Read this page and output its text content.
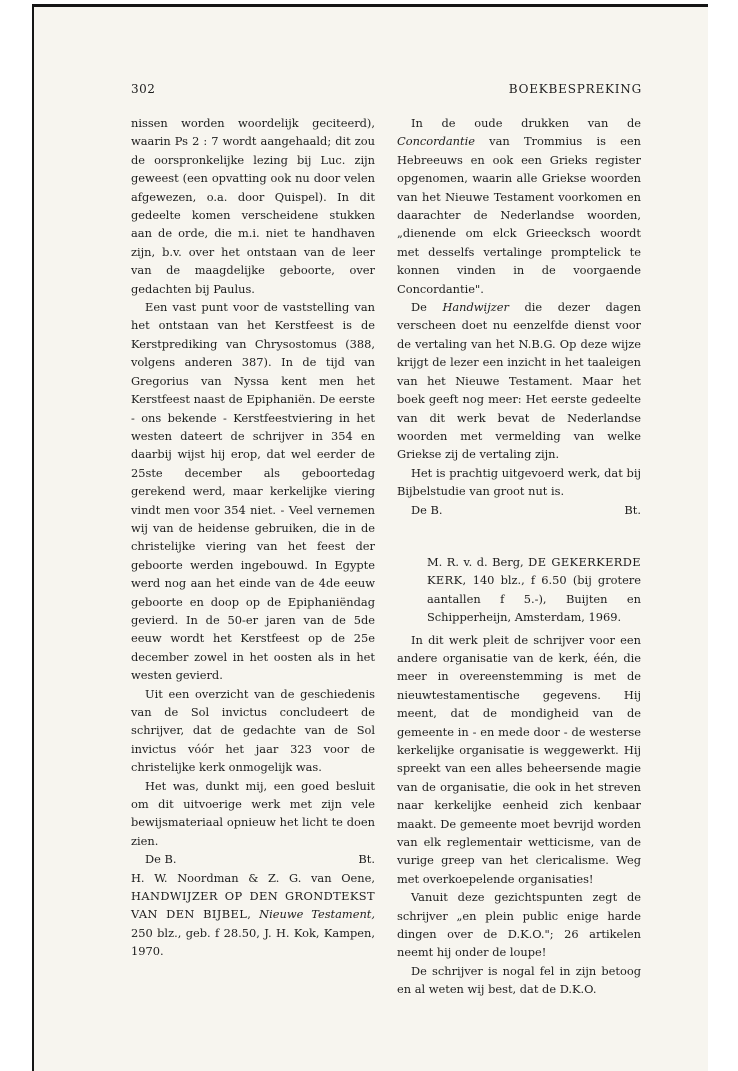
302	BOEKBESPREKING

nissen worden woordelijk geciteerd), waarin Ps 2 : 7 wordt aangehaald; dit zou de oorspronkelijke lezing bij Luc. zijn geweest (een opvatting ook nu door velen afgewezen, o.a. door Quispel). In dit gedeelte komen verscheidene stukken aan de orde, die m.i. niet te handhaven zijn, b.v. over het ontstaan van de leer van de maagdelijke geboorte, over gedachten bij Paulus.

Een vast punt voor de vaststelling van het ontstaan van het Kerstfeest is de Kerstprediking van Chrysostomus (388, volgens anderen 387). In de tijd van Gregorius van Nyssa kent men het Kerstfeest naast de Epiphaniën. De eerste - ons bekende - Kerstfeestviering in het westen dateert de schrijver in 354 en daarbij wijst hij erop, dat wel eerder de 25ste december als geboortedag gerekend werd, maar kerkelijke viering vindt men voor 354 niet. - Veel vernemen wij van de heidense gebruiken, die in de christelijke viering van het feest der geboorte werden ingebouwd. In Egypte werd nog aan het einde van de 4de eeuw geboorte en doop op de Epiphaniëndag gevierd. In de 50-er jaren van de 5de eeuw wordt het Kerstfeest op de 25e december zowel in het oosten als in het westen gevierd.

Uit een overzicht van de geschiedenis van de Sol invictus concludeert de schrijver, dat de gedachte van de Sol invictus vóór het jaar 323 voor de christelijke kerk onmogelijk was.

Het was, dunkt mij, een goed besluit om dit uitvoerige werk met zijn vele bewijsmateriaal opnieuw het licht te doen zien.

De B.	Bt.

H. W. Noordman & Z. G. van Oene, HANDWIJZER OP DEN GRONDTEKST VAN DEN BIJBEL, Nieuwe Testament, 250 blz., geb. f 28.50, J. H. Kok, Kampen, 1970.

In de oude drukken van de Concordantie van Trommius is een Hebreeuws en ook een Grieks register opgenomen, waarin alle Griekse woorden van het Nieuwe Testament voorkomen en daarachter de Nederlandse woorden, „dienende om elck Grieecksch woordt met desselfs vertalinge promptelick te konnen vinden in de voorgaende Concordantie".

De Handwijzer die dezer dagen verscheen doet nu eenzelfde dienst voor de vertaling van het N.B.G. Op deze wijze krijgt de lezer een inzicht in het taaleigen van het Nieuwe Testament. Maar het boek geeft nog meer: Het eerste gedeelte van dit werk bevat de Nederlandse woorden met vermelding van welke Griekse zij de vertaling zijn.

Het is prachtig uitgevoerd werk, dat bij Bijbelstudie van groot nut is.

De B.	Bt.

M. R. v. d. Berg, DE GEKERKERDE KERK, 140 blz., f 6.50 (bij grotere aantallen f 5.-), Buijten en Schipperheijn, Amsterdam, 1969.

In dit werk pleit de schrijver voor een andere organisatie van de kerk, één, die meer in overeenstemming is met de nieuwtestamentische gegevens. Hij meent, dat de mondigheid van de gemeente in - en mede door - de westerse kerkelijke organisatie is weggewerkt. Hij spreekt van een alles beheersende magie van de organisatie, die ook in het streven naar kerkelijke eenheid zich kenbaar maakt. De gemeente moet bevrijd worden van elk reglementair wetticisme, van de vurige greep van het clericalisme. Weg met overkoepelende organisaties!

Vanuit deze gezichtspunten zegt de schrijver „en plein public enige harde dingen over de D.K.O."; 26 artikelen neemt hij onder de loupe!

De schrijver is nogal fel in zijn betoog en al weten wij best, dat de D.K.O.
